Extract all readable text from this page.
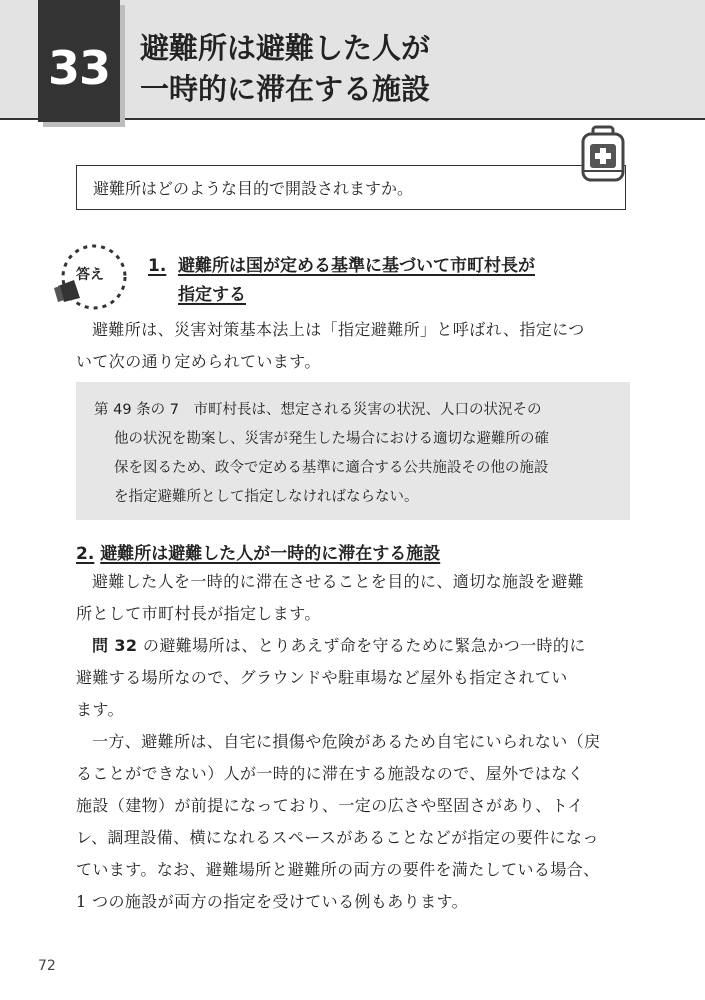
33 避難所は避難した人が
一時的に滞在する施設
避難所はどのような目的で開設されますか。
答え	1. 避難所は国が定める基準に基づいて市町村長が
指定する
避難所は、災害対策基本法上は「指定避難所」と呼ばれ、指定につ
いて次の通り定められています。
第 49 条の 7　市町村長は、想定される災害の状況、人口の状況その
他の状況を勘案し、災害が発生した場合における適切な避難所の確
保を図るため、政令で定める基準に適合する公共施設その他の施設
を指定避難所として指定しなければならない。
2. 避難所は避難した人が一時的に滞在する施設
避難した人を一時的に滞在させることを目的に、適切な施設を避難
所として市町村長が指定します。
問 32 の避難場所は、とりあえず命を守るために緊急かつ一時的に
避難する場所なので、グラウンドや駐車場など屋外も指定されてい
ます。
一方、避難所は、自宅に損傷や危険があるため自宅にいられない（戻
ることができない）人が一時的に滞在する施設なので、屋外ではなく
施設（建物）が前提になっており、一定の広さや堅固さがあり、トイ
レ、調理設備、横になれるスペースがあることなどが指定の要件になっ
ています。なお、避難場所と避難所の両方の要件を満たしている場合、
1 つの施設が両方の指定を受けている例もあります。
72
